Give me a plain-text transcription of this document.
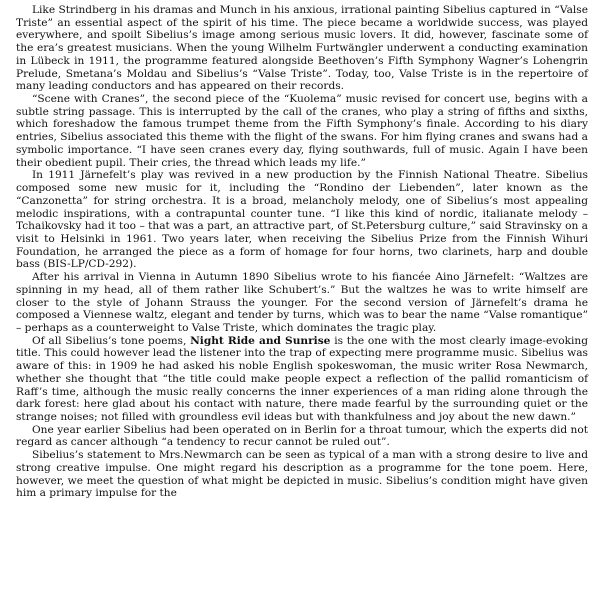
Like Strindberg in his dramas and Munch in his anxious, irrational painting Sibelius captured in “Valse Triste” an essential aspect of the spirit of his time. The piece became a worldwide success, was played everywhere, and spoilt Sibelius’s image among serious music lovers. It did, however, fascinate some of the era’s greatest musicians. When the young Wilhelm Furtwängler underwent a conducting examination in Lübeck in 1911, the programme featured alongside Beethoven’s Fifth Symphony Wagner’s Lohengrin Prelude, Smetana’s Moldau and Sibelius’s “Valse Triste”. Today, too, Valse Triste is in the repertoire of many leading conductors and has appeared on their records.

“Scene with Cranes”, the second piece of the “Kuolema” music revised for concert use, begins with a subtle string passage. This is interrupted by the call of the cranes, who play a string of fifths and sixths, which foreshadow the famous trumpet theme from the Fifth Symphony’s finale. According to his diary entries, Sibelius associated this theme with the flight of the swans. For him flying cranes and swans had a symbolic importance. “I have seen cranes every day, flying southwards, full of music. Again I have been their obedient pupil. Their cries, the thread which leads my life.”

In 1911 Järnefelt’s play was revived in a new production by the Finnish National Theatre. Sibelius composed some new music for it, including the “Rondino der Liebenden”, later known as the “Canzonetta” for string orchestra. It is a broad, melancholy melody, one of Sibelius’s most appealing melodic inspirations, with a contrapuntal counter tune. “I like this kind of nordic, italianate melody – Tchaikovsky had it too – that was a part, an attractive part, of St.Petersburg culture,” said Stravinsky on a visit to Helsinki in 1961. Two years later, when receiving the Sibelius Prize from the Finnish Wihuri Foundation, he arranged the piece as a form of homage for four horns, two clarinets, harp and double bass (BIS-LP/CD-292).

After his arrival in Vienna in Autumn 1890 Sibelius wrote to his fiancée Aino Järnefelt: “Waltzes are spinning in my head, all of them rather like Schubert’s.” But the waltzes he was to write himself are closer to the style of Johann Strauss the younger. For the second version of Järnefelt’s drama he composed a Viennese waltz, elegant and tender by turns, which was to bear the name “Valse romantique” – perhaps as a counterweight to Valse Triste, which dominates the tragic play.

Of all Sibelius’s tone poems, Night Ride and Sunrise is the one with the most clearly image-evoking title. This could however lead the listener into the trap of expecting mere programme music. Sibelius was aware of this: in 1909 he had asked his noble English spokeswoman, the music writer Rosa Newmarch, whether she thought that “the title could make people expect a reflection of the pallid romanticism of Raff’s time, although the music really concerns the inner experiences of a man riding alone through the dark forest: here glad about his contact with nature, there made fearful by the surrounding quiet or the strange noises; not filled with groundless evil ideas but with thankfulness and joy about the new dawn.”

One year earlier Sibelius had been operated on in Berlin for a throat tumour, which the experts did not regard as cancer although “a tendency to recur cannot be ruled out”.

Sibelius’s statement to Mrs.Newmarch can be seen as typical of a man with a strong desire to live and strong creative impulse. One might regard his description as a programme for the tone poem. Here, however, we meet the question of what might be depicted in music. Sibelius’s condition might have given him a primary impulse for the
